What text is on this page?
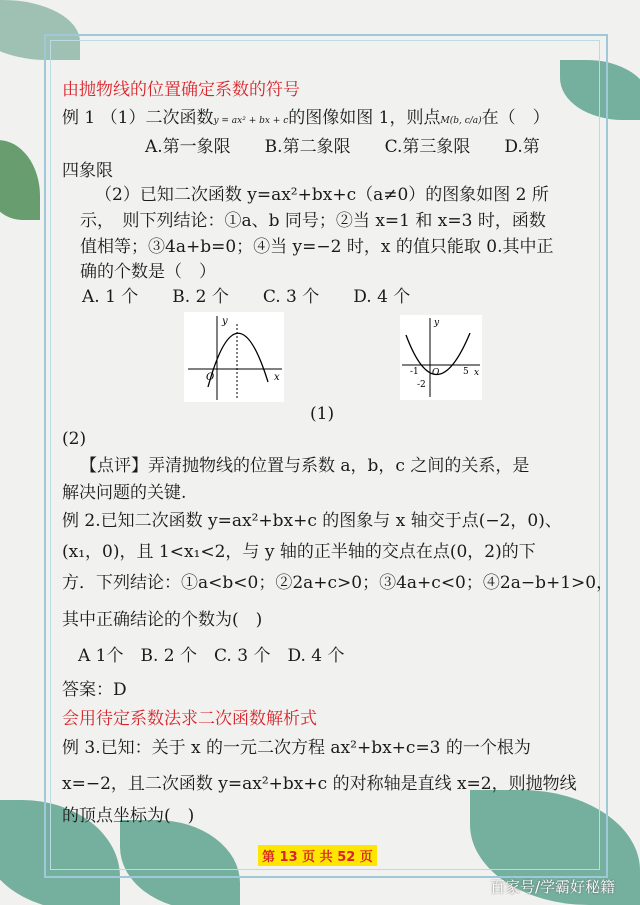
由抛物线的位置确定系数的符号
例 1 （1）二次函数y = ax² + bx + c的图像如图 1，则点M(b, c/a)在（　）
A.第一象限　　B.第二象限　　C.第三象限　　D.第
四象限
（2）已知二次函数 y=ax²+bx+c（a≠0）的图象如图 2 所
示，　则下列结论：①a、b 同号；②当 x=1 和 x=3 时，函数
值相等；③4a+b=0；④当 y=−2 时，x 的值只能取 0.其中正
确的个数是（　）
A. 1 个　　B. 2 个　　C. 3 个　　D. 4 个
y
x
O
y
x
O
-1	5
-2
(1)
(2)
【点评】弄清抛物线的位置与系数 a，b，c 之间的关系，是
解决问题的关键.
例 2.已知二次函数 y=ax²+bx+c 的图象与 x 轴交于点(−2，0)、
(x₁，0)，且 1<x₁<2，与 y 轴的正半轴的交点在点(0，2)的下
方．下列结论：①a<b<0；②2a+c>0；③4a+c<0；④2a−b+1>0，
其中正确结论的个数为(　)
A 1个　B. 2 个　C. 3 个　D. 4 个
答案：D
会用待定系数法求二次函数解析式
例 3.已知：关于 x 的一元二次方程 ax²+bx+c=3 的一个根为
x=−2，且二次函数 y=ax²+bx+c 的对称轴是直线 x=2，则抛物线
的顶点坐标为(　)
第 13 页 共 52 页
百家号/学霸好秘籍
